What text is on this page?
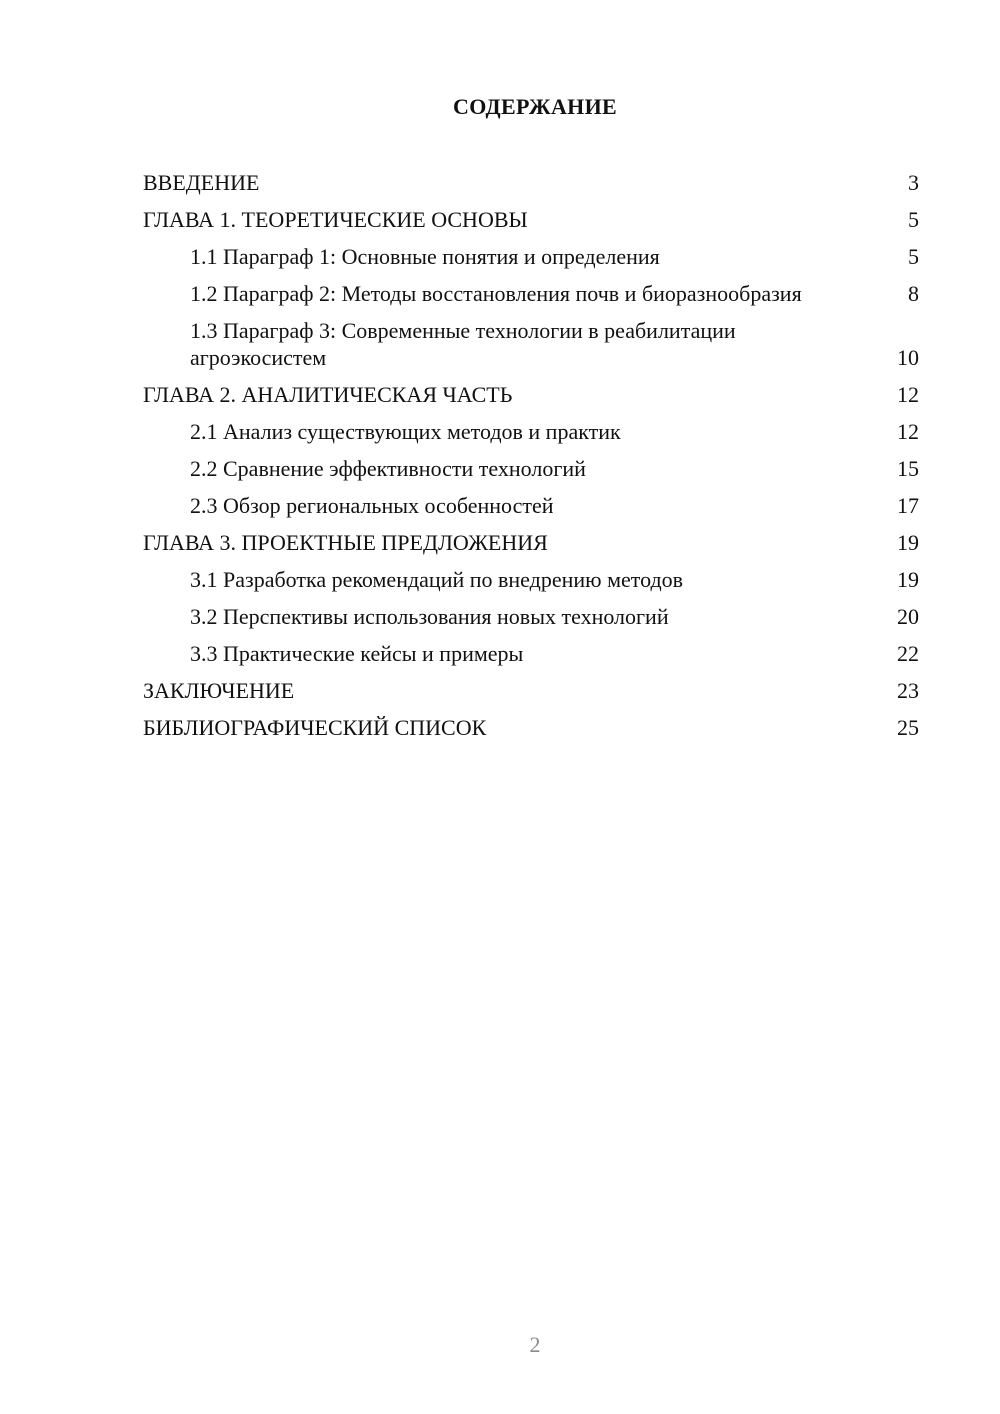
СОДЕРЖАНИЕ
ВВЕДЕНИЕ	3
ГЛАВА 1. ТЕОРЕТИЧЕСКИЕ ОСНОВЫ	5
1.1 Параграф 1: Основные понятия и определения	5
1.2 Параграф 2: Методы восстановления почв и биоразнообразия	8
1.3 Параграф 3: Современные технологии в реабилитации агроэкосистем	10
ГЛАВА 2. АНАЛИТИЧЕСКАЯ ЧАСТЬ	12
2.1 Анализ существующих методов и практик	12
2.2 Сравнение эффективности технологий	15
2.3 Обзор региональных особенностей	17
ГЛАВА 3. ПРОЕКТНЫЕ ПРЕДЛОЖЕНИЯ	19
3.1 Разработка рекомендаций по внедрению методов	19
3.2 Перспективы использования новых технологий	20
3.3 Практические кейсы и примеры	22
ЗАКЛЮЧЕНИЕ	23
БИБЛИОГРАФИЧЕСКИЙ СПИСОК	25
2
